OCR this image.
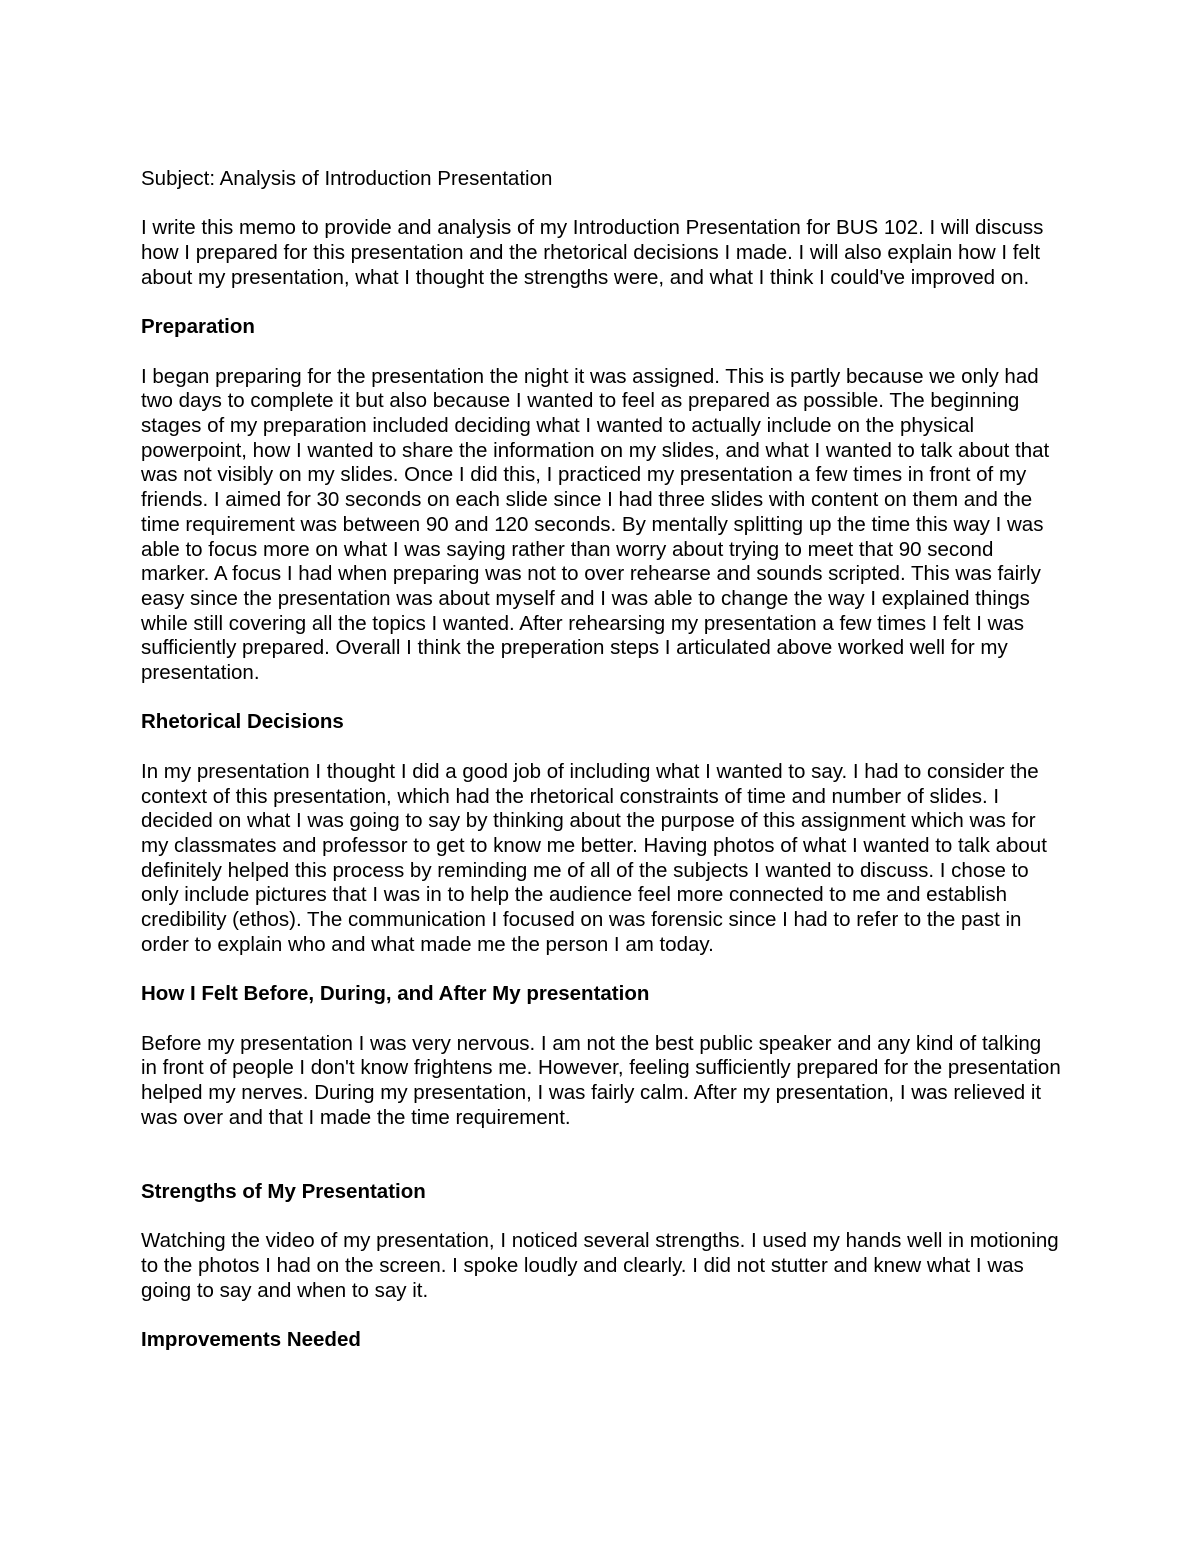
Subject: Analysis of Introduction Presentation

I write this memo to provide and analysis of my Introduction Presentation for BUS 102. I will discuss how I prepared for this presentation and the rhetorical decisions I made. I will also explain how I felt about my presentation, what I thought the strengths were, and what I think I could've improved on.

Preparation

I began preparing for the presentation the night it was assigned. This is partly because we only had two days to complete it but also because I wanted to feel as prepared as possible. The beginning stages of my preparation included deciding what I wanted to actually include on the physical powerpoint, how I wanted to share the information on my slides, and what I wanted to talk about that was not visibly on my slides. Once I did this, I practiced my presentation a few times in front of my friends. I aimed for 30 seconds on each slide since I had three slides with content on them and the time requirement was between 90 and 120 seconds. By mentally splitting up the time this way I was able to focus more on what I was saying rather than worry about trying to meet that 90 second marker. A focus I had when preparing was not to over rehearse and sounds scripted. This was fairly easy since the presentation was about myself and I was able to change the way I explained things while still covering all the topics I wanted. After rehearsing my presentation a few times I felt I was sufficiently prepared. Overall I think the preperation steps I articulated above worked well for my presentation.

Rhetorical Decisions

In my presentation I thought I did a good job of including what I wanted to say. I had to consider the context of this presentation, which had the rhetorical constraints of time and number of slides. I decided on what I was going to say by thinking about the purpose of this assignment which was for my classmates and professor to get to know me better. Having photos of what I wanted to talk about definitely helped this process by reminding me of all of the subjects I wanted to discuss. I chose to only include pictures that I was in to help the audience feel more connected to me and establish credibility (ethos). The communication I focused on was forensic since I had to refer to the past in order to explain who and what made me the person I am today.

How I Felt Before, During, and After My presentation

Before my presentation I was very nervous. I am not the best public speaker and any kind of talking in front of people I don't know frightens me. However, feeling sufficiently prepared for the presentation helped my nerves. During my presentation, I was fairly calm. After my presentation, I was relieved it was over and that I made the time requirement.

Strengths of My Presentation

Watching the video of my presentation, I noticed several strengths. I used my hands well in motioning to the photos I had on the screen. I spoke loudly and clearly. I did not stutter and knew what I was going to say and when to say it.

Improvements Needed
